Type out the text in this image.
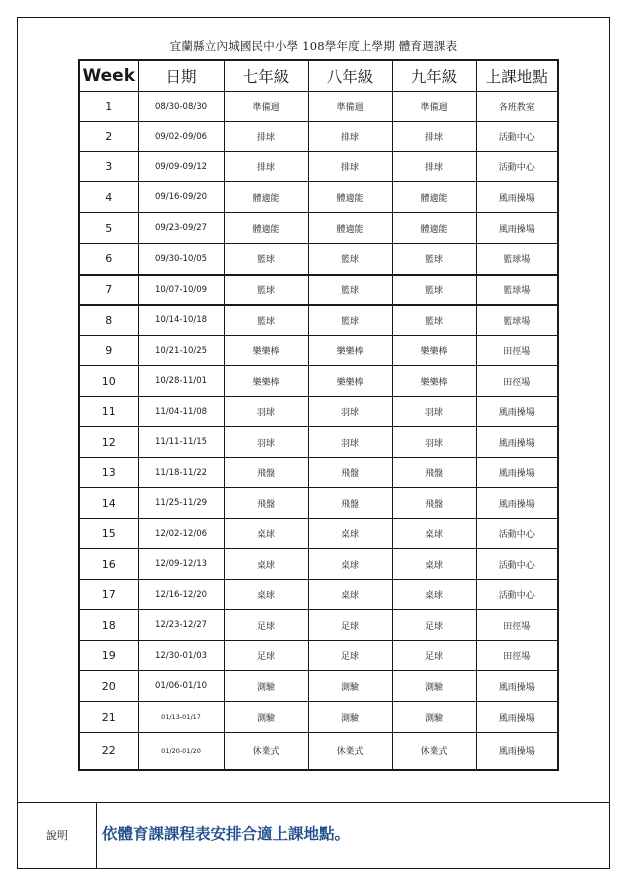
宜蘭縣立內城國民中小學 108學年度上學期 體育週課表
Week	日期	七年級	八年級	九年級	上課地點
1	08/30-08/30	準備週	準備週	準備週	各班教室
2	09/02-09/06	排球	排球	排球	活動中心
3	09/09-09/12	排球	排球	排球	活動中心
4	09/16-09/20	體適能	體適能	體適能	風雨操場
5	09/23-09/27	體適能	體適能	體適能	風雨操場
6	09/30-10/05	籃球	籃球	籃球	籃球場
7	10/07-10/09	籃球	籃球	籃球	籃球場
8	10/14-10/18	籃球	籃球	籃球	籃球場
9	10/21-10/25	樂樂棒	樂樂棒	樂樂棒	田徑場
10	10/28-11/01	樂樂棒	樂樂棒	樂樂棒	田徑場
11	11/04-11/08	羽球	羽球	羽球	風雨操場
12	11/11-11/15	羽球	羽球	羽球	風雨操場
13	11/18-11/22	飛盤	飛盤	飛盤	風雨操場
14	11/25-11/29	飛盤	飛盤	飛盤	風雨操場
15	12/02-12/06	桌球	桌球	桌球	活動中心
16	12/09-12/13	桌球	桌球	桌球	活動中心
17	12/16-12/20	桌球	桌球	桌球	活動中心
18	12/23-12/27	足球	足球	足球	田徑場
19	12/30-01/03	足球	足球	足球	田徑場
20	01/06-01/10	測驗	測驗	測驗	風雨操場
21	01/13-01/17	測驗	測驗	測驗	風雨操場
22	01/20-01/20	休業式	休業式	休業式	風雨操場
說明	依體育課課程表安排合適上課地點。
